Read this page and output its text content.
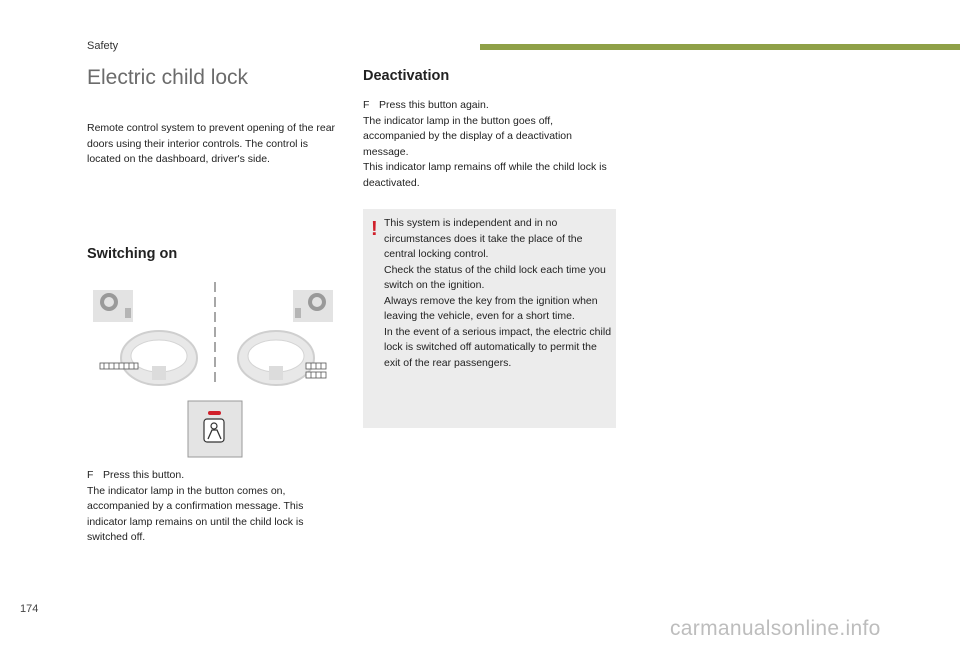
Safety
Electric child lock
Remote control system to prevent opening of the rear doors using their interior controls. The control is located on the dashboard, driver's side.
Switching on
F Press this button.
The indicator lamp in the button comes on, accompanied by a confirmation message. This indicator lamp remains on until the child lock is switched off.
Deactivation
F Press this button again.
The indicator lamp in the button goes off, accompanied by the display of a deactivation message.
This indicator lamp remains off while the child lock is deactivated.
! This system is independent and in no circumstances does it take the place of the central locking control.
Check the status of the child lock each time you switch on the ignition.
Always remove the key from the ignition when leaving the vehicle, even for a short time.
In the event of a serious impact, the electric child lock is switched off automatically to permit the exit of the rear passengers.
174
carmanualsonline.info
